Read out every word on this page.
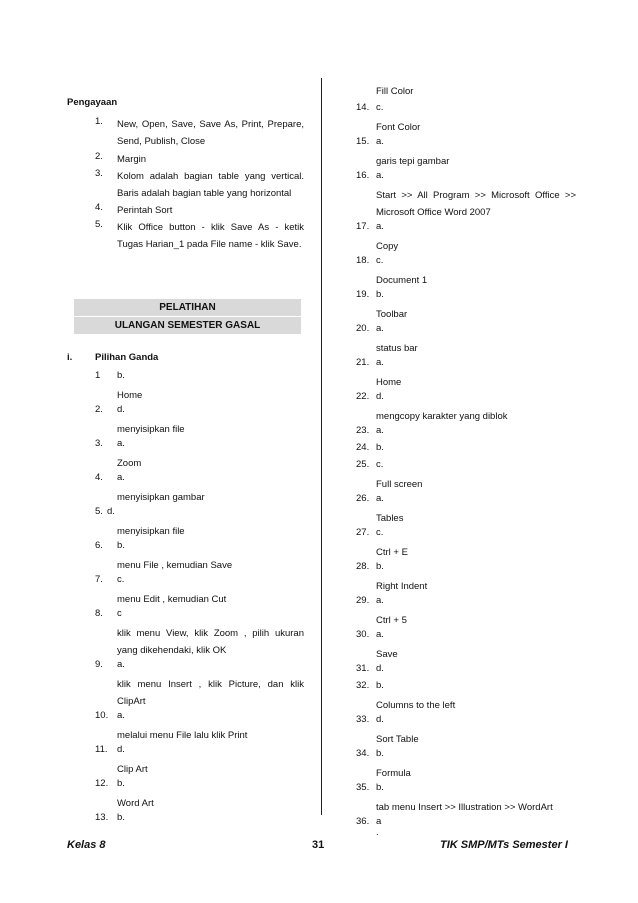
Pengayaan
1. New, Open, Save, Save As, Print, Prepare, Send, Publish, Close
2. Margin
3. Kolom adalah bagian table yang vertical. Baris adalah bagian table yang horizontal
4. Perintah Sort
5. Klik Office button - klik Save As - ketik Tugas Harian_1 pada File name - klik Save.
PELATIHAN
ULANGAN SEMESTER GASAL
i. Pilihan Ganda
1 b.
Home
2. d.
menyisipkan file
3. a.
Zoom
4. a.
menyisipkan gambar
5. d.
menyisipkan file
6. b.
menu File , kemudian Save
7. c.
menu Edit , kemudian Cut
8. c
klik menu View, klik Zoom , pilih ukuran yang dikehendaki, klik OK
9. a.
klik menu Insert , klik Picture, dan klik ClipArt
10. a.
melalui menu File lalu klik Print
11. d.
Clip Art
12. b.
Word Art
13. b.
Fill Color
14. c.
Font Color
15. a.
garis tepi gambar
16. a.
Start >> All Program >> Microsoft Office >> Microsoft Office Word 2007
17. a.
Copy
18. c.
Document 1
19. b.
Toolbar
20. a.
status bar
21. a.
Home
22. d.
mengcopy karakter yang diblok
23. a.
24. b.
25. c.
Full screen
26. a.
Tables
27. c.
Ctrl + E
28. b.
Right Indent
29. a.
Ctrl + 5
30. a.
Save
31. d.
32. b.
Columns to the left
33. d.
Sort Table
34. b.
Formula
35. b.
tab menu Insert >> Illustration >> WordArt
36. a .
Kelas 8	31	TIK SMP/MTs Semester I
